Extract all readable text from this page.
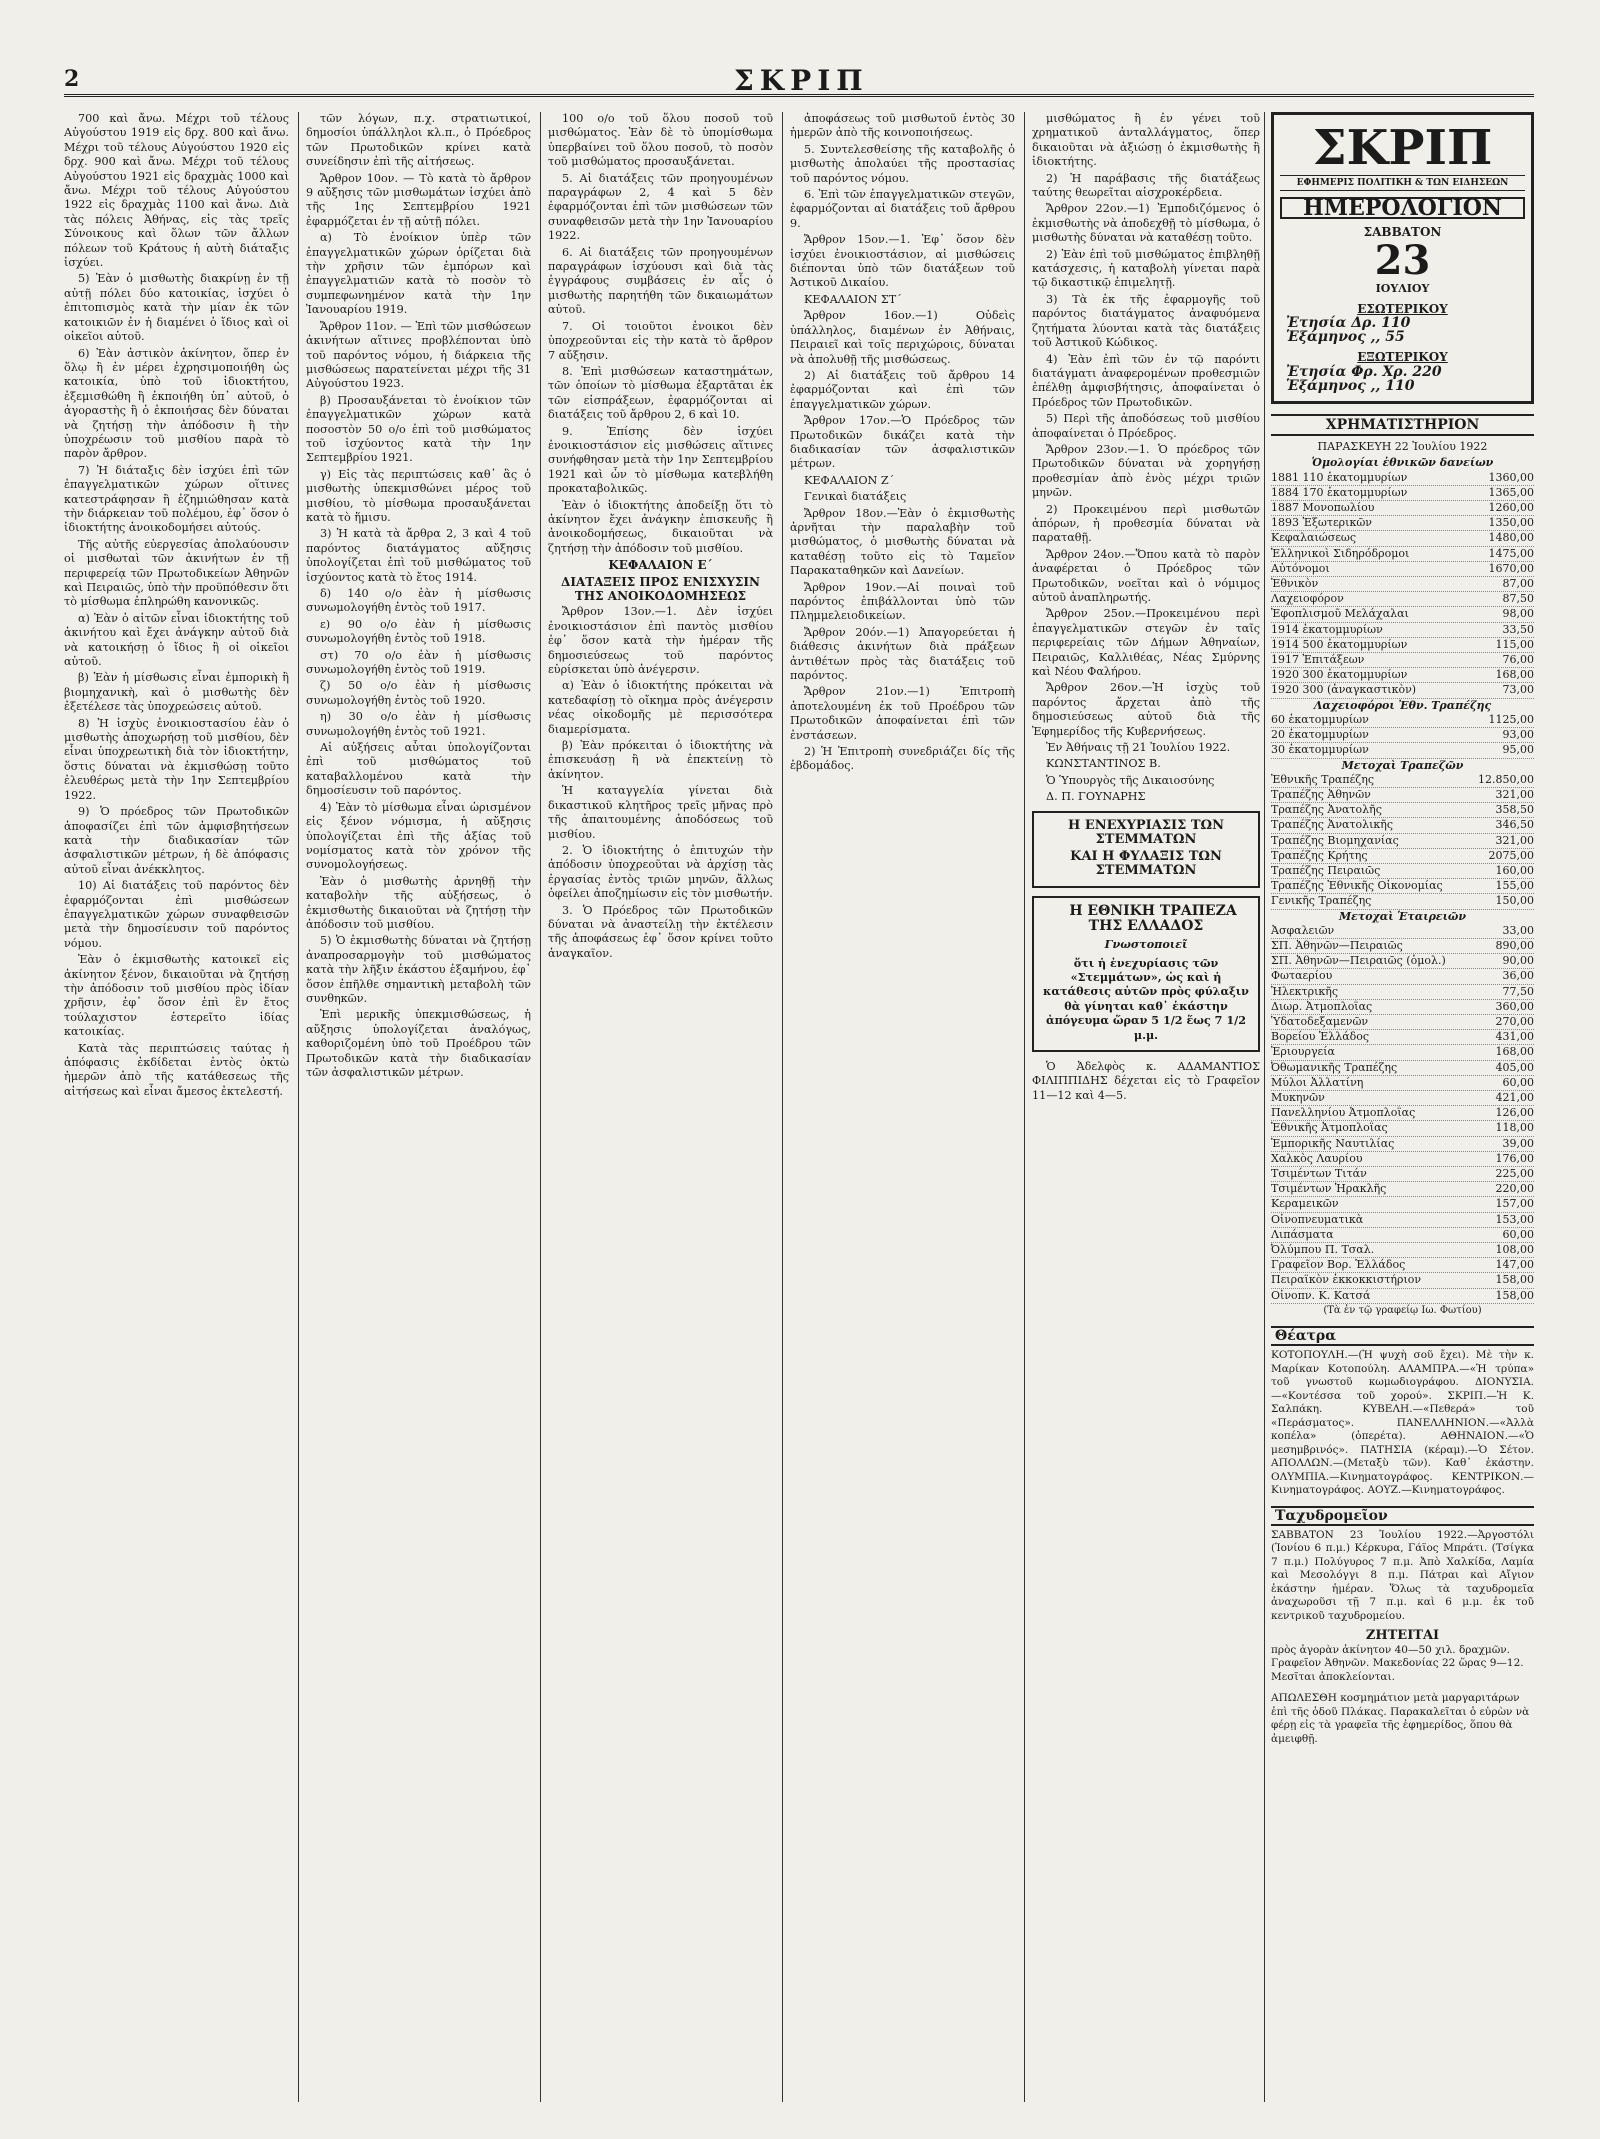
2	ΣΚΡΙΠ

700 καὶ ἄνω. Μέχρι τοῦ τέλους Αὐγούστου 1919 εἰς δρχ. 800 καὶ ἄνω. Μέχρι τοῦ τέλους Αὐγούστου 1920 εἰς δρχ. 900 καὶ ἄνω. Μέχρι τοῦ τέλους Αὐγούστου 1921 εἰς δραχμὰς 1000 καὶ ἄνω. Μέχρι τοῦ τέλους Αὐγούστου 1922 εἰς δραχμὰς 1100 καὶ ἄνω. Διὰ τὰς πόλεις Ἀθήνας, εἰς τὰς τρεῖς Σύνοικους καὶ ὅλων τῶν ἄλλων πόλεων τοῦ Κράτους ἡ αὐτὴ διάταξις ἰσχύει.

5) Ἐὰν ὁ μισθωτὴς διακρίνῃ ἐν τῇ αὐτῇ πόλει δύο κατοικίας, ἰσχύει ὁ ἐπιτοπισμὸς κατὰ τὴν μίαν ἐκ τῶν κατοικιῶν ἐν ἡ διαμένει ὁ ἴδιος καὶ οἱ οἰκεῖοι αὐτοῦ.

6) Ἐὰν ἀστικὸν ἀκίνητον, ὅπερ ἐν ὅλῳ ἢ ἐν μέρει ἐχρησιμοποιήθη ὡς κατοικία, ὑπὸ τοῦ ἰδιοκτήτου, ἐξεμισθώθη ἢ ἐκποιήθη ὑπ᾽ αὐτοῦ, ὁ ἀγοραστὴς ἢ ὁ ἐκποιήσας δὲν δύναται νὰ ζητήσῃ τὴν ἀπόδοσιν ἢ τὴν ὑποχρέωσιν τοῦ μισθίου παρὰ τὸ παρὸν ἄρθρον.

7) Ἡ διάταξις δὲν ἰσχύει ἐπὶ τῶν ἐπαγγελματικῶν χώρων οἵτινες κατεστράφησαν ἢ ἐζημιώθησαν κατὰ τὴν διάρκειαν τοῦ πολέμου, ἐφ᾽ ὅσον ὁ ἰδιοκτήτης ἀνοικοδομήσει αὐτούς.

Τῆς αὐτῆς εὐεργεσίας ἀπολαύουσιν οἱ μισθωταὶ τῶν ἀκινήτων ἐν τῇ περιφερείᾳ τῶν Πρωτοδικείων Ἀθηνῶν καὶ Πειραιῶς, ὑπὸ τὴν προϋπόθεσιν ὅτι τὸ μίσθωμα ἐπληρώθη κανονικῶς.

α) Ἐὰν ὁ αἰτῶν εἶναι ἰδιοκτήτης τοῦ ἀκινήτου καὶ ἔχει ἀνάγκην αὐτοῦ διὰ νὰ κατοικήσῃ ὁ ἴδιος ἢ οἱ οἰκεῖοι αὐτοῦ.

β) Ἐὰν ἡ μίσθωσις εἶναι ἐμπορικὴ ἢ βιομηχανικὴ, καὶ ὁ μισθωτὴς δὲν ἐξετέλεσε τὰς ὑποχρεώσεις αὐτοῦ.

8) Ἡ ἰσχὺς ἐνοικιοστασίου ἐὰν ὁ μισθωτὴς ἀποχωρήσῃ τοῦ μισθίου, δὲν εἶναι ὑποχρεωτικὴ διὰ τὸν ἰδιοκτήτην, ὅστις δύναται νὰ ἐκμισθώσῃ τοῦτο ἐλευθέρως μετὰ τὴν 1ην Σεπτεμβρίου 1922.

9) Ὁ πρόεδρος τῶν Πρωτοδικῶν ἀποφασίζει ἐπὶ τῶν ἀμφισβητήσεων κατὰ τὴν διαδικασίαν τῶν ἀσφαλιστικῶν μέτρων, ἡ δὲ ἀπόφασις αὐτοῦ εἶναι ἀνέκκλητος.

10) Αἱ διατάξεις τοῦ παρόντος δὲν ἐφαρμόζονται ἐπὶ μισθώσεων ἐπαγγελματικῶν χώρων συναφθεισῶν μετὰ τὴν δημοσίευσιν τοῦ παρόντος νόμου.

Ἐὰν ὁ ἐκμισθωτὴς κατοικεῖ εἰς ἀκίνητον ξένον, δικαιοῦται νὰ ζητήσῃ τὴν ἀπόδοσιν τοῦ μισθίου πρὸς ἰδίαν χρῆσιν, ἐφ᾽ ὅσον ἐπὶ ἓν ἔτος τούλαχιστον ἐστερεῖτο ἰδίας κατοικίας.

Κατὰ τὰς περιπτώσεις ταύτας ἡ ἀπόφασις ἐκδίδεται ἐντὸς ὀκτὼ ἡμερῶν ἀπὸ τῆς κατάθεσεως τῆς αἰτήσεως καὶ εἶναι ἄμεσος ἐκτελεστή.

τῶν λόγων, π.χ. στρατιωτικοί, δημοσίοι ὑπάλληλοι κλ.π., ὁ Πρόεδρος τῶν Πρωτοδικῶν κρίνει κατὰ συνείδησιν ἐπὶ τῆς αἰτήσεως.

Ἄρθρον 10ον. — Τὸ κατὰ τὸ ἄρθρον 9 αὔξησις τῶν μισθωμάτων ἰσχύει ἀπὸ τῆς 1ης Σεπτεμβρίου 1921 ἐφαρμόζεται ἐν τῇ αὐτῇ πόλει.

α) Τὸ ἐνοίκιον ὑπὲρ τῶν ἐπαγγελματικῶν χώρων ὁρίζεται διὰ τὴν χρῆσιν τῶν ἐμπόρων καὶ ἐπαγγελματιῶν κατὰ τὸ ποσὸν τὸ συμπεφωνημένον κατὰ τὴν 1ην Ἰανουαρίου 1919.

Ἄρθρον 11ον. — Ἐπὶ τῶν μισθώσεων ἀκινήτων αἵτινες προβλέπονται ὑπὸ τοῦ παρόντος νόμου, ἡ διάρκεια τῆς μισθώσεως παρατείνεται μέχρι τῆς 31 Αὐγούστου 1923.

β) Προσαυξάνεται τὸ ἐνοίκιον τῶν ἐπαγγελματικῶν χώρων κατὰ ποσοστὸν 50 ο/ο ἐπὶ τοῦ μισθώματος τοῦ ἰσχύοντος κατὰ τὴν 1ην Σεπτεμβρίου 1921.

γ) Εἰς τὰς περιπτώσεις καθ᾽ ἃς ὁ μισθωτὴς ὑπεκμισθώνει μέρος τοῦ μισθίου, τὸ μίσθωμα προσαυξάνεται κατὰ τὸ ἥμισυ.

3) Ἡ κατὰ τὰ ἄρθρα 2, 3 καὶ 4 τοῦ παρόντος διατάγματος αὔξησις ὑπολογίζεται ἐπὶ τοῦ μισθώματος τοῦ ἰσχύοντος κατὰ τὸ ἔτος 1914.

δ) 140 ο/ο ἐὰν ἡ μίσθωσις συνωμολογήθη ἐντὸς τοῦ 1917.

ε) 90 ο/ο ἐὰν ἡ μίσθωσις συνωμολογήθη ἐντὸς τοῦ 1918.

στ) 70 ο/ο ἐὰν ἡ μίσθωσις συνωμολογήθη ἐντὸς τοῦ 1919.

ζ) 50 ο/ο ἐὰν ἡ μίσθωσις συνωμολογήθη ἐντὸς τοῦ 1920.

η) 30 ο/ο ἐὰν ἡ μίσθωσις συνωμολογήθη ἐντὸς τοῦ 1921.

Αἱ αὐξήσεις αὗται ὑπολογίζονται ἐπὶ τοῦ μισθώματος τοῦ καταβαλλομένου κατὰ τὴν δημοσίευσιν τοῦ παρόντος.

4) Ἐὰν τὸ μίσθωμα εἶναι ὡρισμένον εἰς ξένον νόμισμα, ἡ αὔξησις ὑπολογίζεται ἐπὶ τῆς ἀξίας τοῦ νομίσματος κατὰ τὸν χρόνον τῆς συνομολογήσεως.

Ἐὰν ὁ μισθωτὴς ἀρνηθῇ τὴν καταβολὴν τῆς αὐξήσεως, ὁ ἐκμισθωτὴς δικαιοῦται νὰ ζητήσῃ τὴν ἀπόδοσιν τοῦ μισθίου.

5) Ὁ ἐκμισθωτὴς δύναται νὰ ζητήσῃ ἀναπροσαρμογὴν τοῦ μισθώματος κατὰ τὴν λῆξιν ἑκάστου ἑξαμήνου, ἐφ᾽ ὅσον ἐπῆλθε σημαντικὴ μεταβολὴ τῶν συνθηκῶν.

Ἐπὶ μερικῆς ὑπεκμισθώσεως, ἡ αὔξησις ὑπολογίζεται ἀναλόγως, καθοριζομένη ὑπὸ τοῦ Προέδρου τῶν Πρωτοδικῶν κατὰ τὴν διαδικασίαν τῶν ἀσφαλιστικῶν μέτρων.

100 ο/ο τοῦ ὅλου ποσοῦ τοῦ μισθώματος. Ἐὰν δὲ τὸ ὑπομίσθωμα ὑπερβαίνει τοῦ ὅλου ποσοῦ, τὸ ποσὸν τοῦ μισθώματος προσαυξάνεται.

5. Αἱ διατάξεις τῶν προηγουμένων παραγράφων 2, 4 καὶ 5 δὲν ἐφαρμόζονται ἐπὶ τῶν μισθώσεων τῶν συναφθεισῶν μετὰ τὴν 1ην Ἰανουαρίου 1922.

6. Αἱ διατάξεις τῶν προηγουμένων παραγράφων ἰσχύουσι καὶ διὰ τὰς ἐγγράφους συμβάσεις ἐν αἷς ὁ μισθωτὴς παρητήθη τῶν δικαιωμάτων αὐτοῦ.

7. Οἱ τοιοῦτοι ἐνοικοι δὲν ὑποχρεοῦνται εἰς τὴν κατὰ τὸ ἄρθρον 7 αὔξησιν.

8. Ἐπὶ μισθώσεων καταστημάτων, τῶν ὁποίων τὸ μίσθωμα ἐξαρτᾶται ἐκ τῶν εἰσπράξεων, ἐφαρμόζονται αἱ διατάξεις τοῦ ἄρθρου 2, 6 καὶ 10.

9. Ἐπίσης δὲν ἰσχύει ἐνοικιοστάσιον εἰς μισθώσεις αἵτινες συνήφθησαν μετὰ τὴν 1ην Σεπτεμβρίου 1921 καὶ ὧν τὸ μίσθωμα κατεβλήθη προκαταβολικῶς.

Ἐὰν ὁ ἰδιοκτήτης ἀποδείξῃ ὅτι τὸ ἀκίνητον ἔχει ἀνάγκην ἐπισκευῆς ἢ ἀνοικοδομήσεως, δικαιοῦται νὰ ζητήσῃ τὴν ἀπόδοσιν τοῦ μισθίου.

ΚΕΦΑΛΑΙΟΝ Ε΄

ΔΙΑΤΑΞΕΙΣ ΠΡΟΣ ΕΝΙΣΧΥΣΙΝ ΤΗΣ ΑΝΟΙΚΟΔΟΜΗΣΕΩΣ

Ἄρθρον 13ον.—1. Δὲν ἰσχύει ἐνοικιοστάσιον ἐπὶ παντὸς μισθίου ἐφ᾽ ὅσον κατὰ τὴν ἡμέραν τῆς δημοσιεύσεως τοῦ παρόντος εὑρίσκεται ὑπὸ ἀνέγερσιν.

α) Ἐὰν ὁ ἰδιοκτήτης πρόκειται νὰ κατεδαφίσῃ τὸ οἴκημα πρὸς ἀνέγερσιν νέας οἰκοδομῆς μὲ περισσότερα διαμερίσματα.

β) Ἐὰν πρόκειται ὁ ἰδιοκτήτης νὰ ἐπισκευάσῃ ἢ νὰ ἐπεκτείνῃ τὸ ἀκίνητον.

Ἡ καταγγελία γίνεται διὰ δικαστικοῦ κλητῆρος τρεῖς μῆνας πρὸ τῆς ἀπαιτουμένης ἀποδόσεως τοῦ μισθίου.

2. Ὁ ἰδιοκτήτης ὁ ἐπιτυχών τὴν ἀπόδοσιν ὑποχρεοῦται νὰ ἀρχίσῃ τὰς ἐργασίας ἐντὸς τριῶν μηνῶν, ἄλλως ὀφείλει ἀποζημίωσιν εἰς τὸν μισθωτήν.

3. Ὁ Πρόεδρος τῶν Πρωτοδικῶν δύναται νὰ ἀναστείλῃ τὴν ἐκτέλεσιν τῆς ἀποφάσεως ἐφ᾽ ὅσον κρίνει τοῦτο ἀναγκαῖον.

ἀποφάσεως τοῦ μισθωτοῦ ἐντὸς 30 ἡμερῶν ἀπὸ τῆς κοινοποιήσεως.

5. Συντελεσθείσης τῆς καταβολῆς ὁ μισθωτὴς ἀπολαύει τῆς προστασίας τοῦ παρόντος νόμου.

6. Ἐπὶ τῶν ἐπαγγελματικῶν στεγῶν, ἐφαρμόζονται αἱ διατάξεις τοῦ ἄρθρου 9.

Ἄρθρον 15ον.—1. Ἐφ᾽ ὅσον δὲν ἰσχύει ἐνοικιοστάσιον, αἱ μισθώσεις διέπονται ὑπὸ τῶν διατάξεων τοῦ Ἀστικοῦ Δικαίου.

ΚΕΦΑΛΑΙΟΝ ΣΤ΄

Ἄρθρον 16ον.—1) Οὐδεὶς ὑπάλληλος, διαμένων ἐν Ἀθήναις, Πειραιεῖ καὶ τοῖς περιχώροις, δύναται νὰ ἀπολυθῇ τῆς μισθώσεως.

2) Αἱ διατάξεις τοῦ ἄρθρου 14 ἐφαρμόζονται καὶ ἐπὶ τῶν ἐπαγγελματικῶν χώρων.

Ἄρθρον 17ον.—Ὁ Πρόεδρος τῶν Πρωτοδικῶν δικάζει κατὰ τὴν διαδικασίαν τῶν ἀσφαλιστικῶν μέτρων.

ΚΕΦΑΛΑΙΟΝ Ζ΄

Γενικαὶ διατάξεις

Ἄρθρον 18ον.—Ἐὰν ὁ ἐκμισθωτὴς ἀρνῆται τὴν παραλαβὴν τοῦ μισθώματος, ὁ μισθωτὴς δύναται νὰ καταθέσῃ τοῦτο εἰς τὸ Ταμεῖον Παρακαταθηκῶν καὶ Δανείων.

Ἄρθρον 19ον.—Αἱ ποιναὶ τοῦ παρόντος ἐπιβάλλονται ὑπὸ τῶν Πλημμελειοδικείων.

Ἄρθρον 20όν.—1) Ἀπαγορεύεται ἡ διάθεσις ἀκινήτων διὰ πράξεων ἀντιθέτων πρὸς τὰς διατάξεις τοῦ παρόντος.

Ἄρθρον 21ον.—1) Ἐπιτροπὴ ἀποτελουμένη ἐκ τοῦ Προέδρου τῶν Πρωτοδικῶν ἀποφαίνεται ἐπὶ τῶν ἐνστάσεων.

2) Ἡ Ἐπιτροπὴ συνεδριάζει δίς τῆς ἑβδομάδος.

μισθώματος ἢ ἐν γένει τοῦ χρηματικοῦ ἀνταλλάγματος, ὅπερ δικαιοῦται νὰ ἀξιώσῃ ὁ ἐκμισθωτὴς ἢ ἰδιοκτήτης.

2) Ἡ παράβασις τῆς διατάξεως ταύτης θεωρεῖται αἰσχροκέρδεια.

Ἄρθρον 22ον.—1) Ἐμποδιζόμενος ὁ ἐκμισθωτὴς νὰ ἀποδεχθῇ τὸ μίσθωμα, ὁ μισθωτὴς δύναται νὰ καταθέσῃ τοῦτο.

2) Ἐὰν ἐπὶ τοῦ μισθώματος ἐπιβληθῇ κατάσχεσις, ἡ καταβολὴ γίνεται παρὰ τῷ δικαστικῷ ἐπιμελητῇ.

3) Τὰ ἐκ τῆς ἐφαρμογῆς τοῦ παρόντος διατάγματος ἀναφυόμενα ζητήματα λύονται κατὰ τὰς διατάξεις τοῦ Ἀστικοῦ Κώδικος.

4) Ἐὰν ἐπὶ τῶν ἐν τῷ παρόντι διατάγματι ἀναφερομένων προθεσμιῶν ἐπέλθῃ ἀμφισβήτησις, ἀποφαίνεται ὁ Πρόεδρος τῶν Πρωτοδικῶν.

5) Περὶ τῆς ἀποδόσεως τοῦ μισθίου ἀποφαίνεται ὁ Πρόεδρος.

Ἄρθρον 23ον.—1. Ὁ πρόεδρος τῶν Πρωτοδικῶν δύναται νὰ χορηγήσῃ προθεσμίαν ἀπὸ ἑνὸς μέχρι τριῶν μηνῶν.

2) Προκειμένου περὶ μισθωτῶν ἀπόρων, ἡ προθεσμία δύναται νὰ παραταθῇ.

Ἄρθρον 24ον.—Ὅπου κατὰ τὸ παρὸν ἀναφέρεται ὁ Πρόεδρος τῶν Πρωτοδικῶν, νοεῖται καὶ ὁ νόμιμος αὐτοῦ ἀναπληρωτής.

Ἄρθρον 25ον.—Προκειμένου περὶ ἐπαγγελματικῶν στεγῶν ἐν ταῖς περιφερείαις τῶν Δήμων Ἀθηναίων, Πειραιῶς, Καλλιθέας, Νέας Σμύρνης καὶ Νέου Φαλήρου.

Ἄρθρον 26ον.—Ἡ ἰσχὺς τοῦ παρόντος ἄρχεται ἀπὸ τῆς δημοσιεύσεως αὐτοῦ διὰ τῆς Ἐφημερίδος τῆς Κυβερνήσεως.

Ἐν Ἀθήναις τῇ 21 Ἰουλίου 1922.

ΚΩΝΣΤΑΝΤΙΝΟΣ Β.

Ὁ Ὑπουργὸς τῆς Δικαιοσύνης

Δ. Π. ΓΟΥΝΑΡΗΣ

Η ΕΝΕΧΥΡΙΑΣΙΣ ΤΩΝ ΣΤΕΜΜΑΤΩΝ

ΚΑΙ Η ΦΥΛΑΞΙΣ ΤΩΝ ΣΤΕΜΜΑΤΩΝ

Η ΕΘΝΙΚΗ ΤΡΑΠΕΖΑ ΤΗΣ ΕΛΛΑΔΟΣ

Γνωστοποιεῖ

ὅτι ἡ ἐνεχυρίασις τῶν «Στεμμάτων», ὡς καὶ ἡ κατάθεσις αὐτῶν πρὸς φύλαξιν θὰ γίνηται καθ᾽ ἑκάστην ἀπόγευμα ὥραν 5 1/2 ἕως 7 1/2 μ.μ.

Ὁ Ἀδελφὸς κ. ΑΔΑΜΑΝΤΙΟΣ ΦΙΛΙΠΠΙΔΗΣ δέχεται εἰς τὸ Γραφεῖον 11—12 καὶ 4—5.

ΣΚΡΙΠ
ΕΦΗΜΕΡΙΣ ΠΟΛΙΤΙΚΗ & ΤΩΝ ΕΙΔΗΣΕΩΝ
ΗΜΕΡΟΛΟΓΙΟΝ
ΣΑΒΒΑΤΟΝ
23
ΙΟΥΛΙΟΥ
ΕΣΩΤΕΡΙΚΟΥ
Ἐτησία Δρ. 110
Ἑξάμηνος ,, 55
ΕΞΩΤΕΡΙΚΟΥ
Ἐτησία Φρ. Χρ. 220
Ἑξάμηνος ,, 110
ΧΡΗΜΑΤΙΣΤΗΡΙΟΝ
ΠΑΡΑΣΚΕΥΗ 22 Ἰουλίου 1922
Ὁμολογίαι ἐθνικῶν δανείων
1881 110 ἑκατομμυρίων	1360,00
1884 170 ἑκατομμυρίων	1365,00
1887 Μονοπωλίου	1260,00
1893 Ἐξωτερικῶν	1350,00
Κεφαλαιώσεως	1480,00
Ἑλληνικοὶ Σιδηρόδρομοι	1475,00
Αὐτόνομοι	1670,00
Ἐθνικὸν	87,00
Λαχειοφόρον	87,50
Ἐφοπλισμοῦ Μελάχαλαι	98,00
1914 ἑκατομμυρίων	33,50
1914 500 ἑκατομμυρίων	115,00
1917 Ἐπιτάξεων	76,00
1920 300 ἑκατομμυρίων	168,00
1920 300 (ἀναγκαστικὸν)	73,00
Λαχειοφόροι Ἐθν. Τραπέζης
60 ἑκατομμυρίων	1125,00
20 ἑκατομμυρίων	93,00
30 ἑκατομμυρίων	95,00
Μετοχαὶ Τραπεζῶν
Ἐθνικῆς Τραπέζης	12.850,00
Τραπέζης Ἀθηνῶν	321,00
Τραπέζης Ἀνατολῆς	358,50
Τραπέζης Ἀνατολικῆς	346,50
Τραπέζης Βιομηχανίας	321,00
Τραπέζης Κρήτης	2075,00
Τραπέζης Πειραιῶς	160,00
Τραπέζης Ἐθνικῆς Οἰκονομίας	155,00
Γενικῆς Τραπέζης	150,00
Μετοχαὶ Ἑταιρειῶν
Ἀσφαλειῶν	33,00
ΣΠ. Ἀθηνῶν—Πειραιῶς	890,00
ΣΠ. Ἀθηνῶν—Πειραιῶς (ὁμολ.)	90,00
Φωταερίου	36,00
Ἠλεκτρικῆς	77,50
Διωρ. Ἀτμοπλοΐας	360,00
Ὑδατοδεξαμενῶν	270,00
Βορείου Ἑλλάδος	431,00
Ἐριουργεία	168,00
Ὀθωμανικῆς Τραπέζης	405,00
Μύλοι Ἀλλατίνη	60,00
Μυκηνῶν	421,00
Πανελληνίου Ἀτμοπλοΐας	126,00
Ἐθνικῆς Ἀτμοπλοΐας	118,00
Ἐμπορικῆς Ναυτιλίας	39,00
Χαλκὸς Λαυρίου	176,00
Τσιμέντων Τιτάν	225,00
Τσιμέντων Ἡρακλῆς	220,00
Κεραμεικῶν	157,00
Οἰνοπνευματικὰ	153,00
Λιπάσματα	60,00
Ὀλύμπου Π. Τσαλ.	108,00
Γραφεῖον Βορ. Ἑλλάδος	147,00
Πειραϊκὸν ἐκκοκκιστήριον	158,00
Οἰνοπν. Κ. Κατσά	158,00
(Τὰ ἐν τῷ γραφείῳ Ιω. Φωτίου)
Θέατρα
ΚΟΤΟΠΟΥΛΗ.—(Ἡ ψυχὴ σοῦ ἔχει). Μὲ τὴν κ. Μαρίκαν Κοτοπούλη. ΑΛΑΜΠΡΑ.—«Ἡ τρύπα» τοῦ γνωστοῦ κωμωδιογράφου. ΔΙΟΝΥΣΙΑ.—«Κοντέσσα τοῦ χορού». ΣΚΡΙΠ.—Ἡ Κ. Σαλπάκη. ΚΥΒΕΛΗ.—«Πεθερά» τοῦ «Περάσματος». ΠΑΝΕΛΛΗΝΙΟΝ.—«Ἀλλὰ κοπέλα» (ὀπερέτα). ΑΘΗΝΑΙΟΝ.—«Ὁ μεσημβρινός». ΠΑΤΗΣΙΑ (κέραμ).—Ὁ Σέτον. ΑΠΟΛΛΩΝ.—(Μεταξὺ τῶν). Καθ᾽ ἑκάστην. ΟΛΥΜΠΙΑ.—Κινηματογράφος. ΚΕΝΤΡΙΚΟΝ.—Κινηματογράφος. ΑΟΥΖ.—Κινηματογράφος.
Ταχυδρομεῖον
ΣΑΒΒΑΤΟΝ 23 Ἰουλίου 1922.—Ἀργοστόλι (Ἰονίου 6 π.μ.) Κέρκυρα, Γάϊος Μπράτι. (Τσίγκα 7 π.μ.) Πολύγυρος 7 π.μ. Ἀπὸ Χαλκίδα, Λαμία καὶ Μεσολόγγι 8 π.μ. Πάτραι καὶ Αἴγιον ἑκάστην ἡμέραν. Ὅλως τὰ ταχυδρομεῖα ἀναχωροῦσι τῇ 7 π.μ. καὶ 6 μ.μ. ἐκ τοῦ κεντρικοῦ ταχυδρομείου.
ΖΗΤΕΙΤΑΙ
πρὸς ἀγορὰν ἀκίνητον 40—50 χιλ. δραχμῶν. Γραφεῖον Ἀθηνῶν. Μακεδονίας 22 ὥρας 9—12. Μεσῖται ἀποκλείονται.
ΑΠΩΛΕΣΘΗ κοσμημάτιον μετὰ μαργαριτάρων ἐπὶ τῆς ὁδοῦ Πλάκας. Παρακαλεῖται ὁ εὑρὼν νὰ φέρῃ εἰς τὰ γραφεῖα τῆς ἐφημερίδος, ὅπου θὰ ἀμειφθῇ.
